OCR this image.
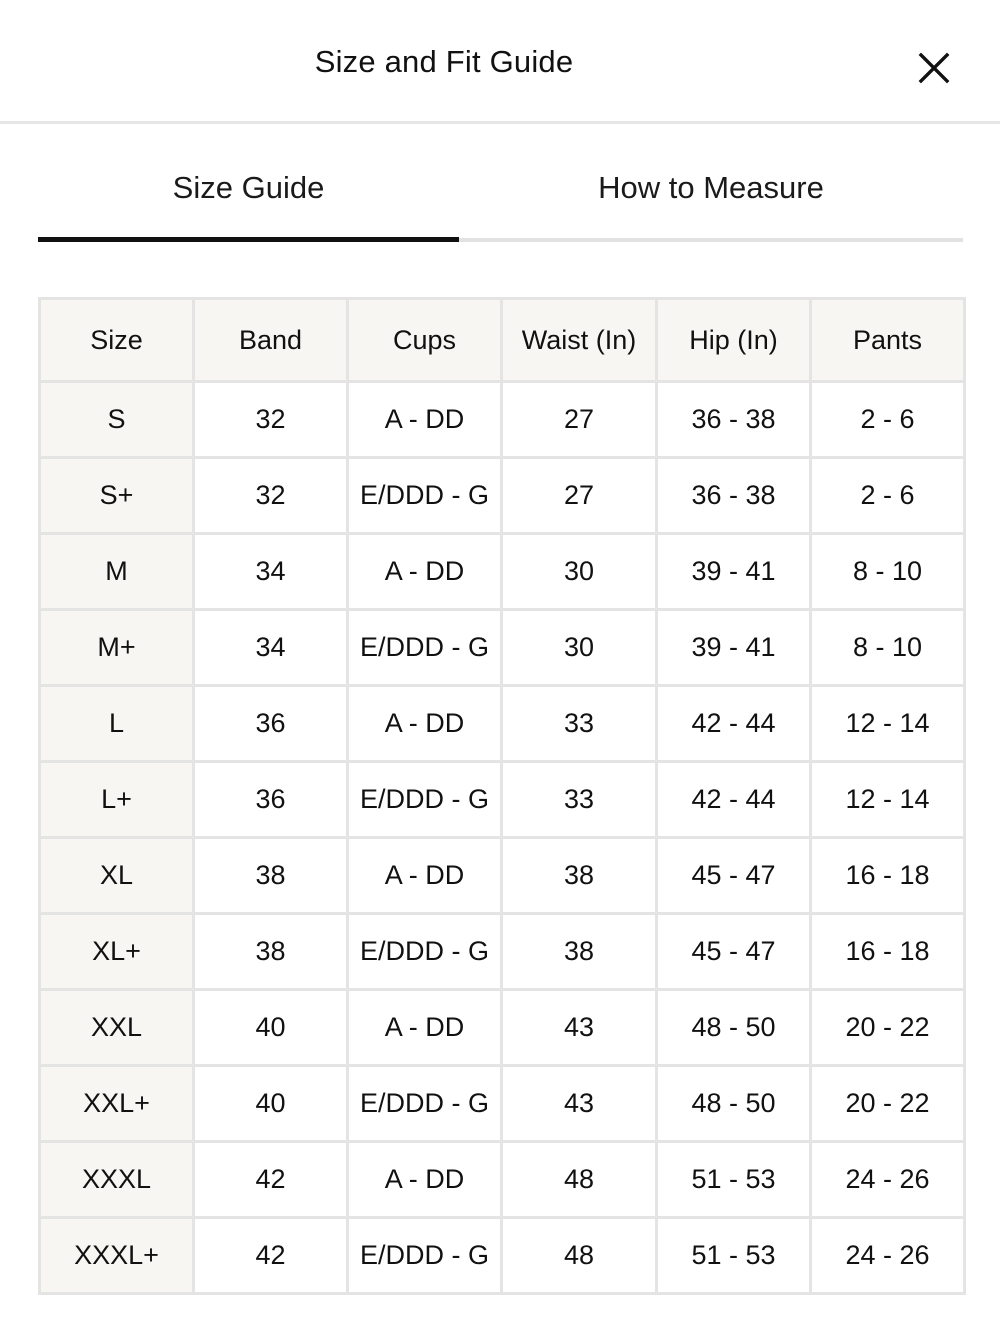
Size and Fit Guide
Size Guide	How to Measure
Size	Band	Cups	Waist (In)	Hip (In)	Pants
S	32	A - DD	27	36 - 38	2 - 6
S+	32	E/DDD - G	27	36 - 38	2 - 6
M	34	A - DD	30	39 - 41	8 - 10
M+	34	E/DDD - G	30	39 - 41	8 - 10
L	36	A - DD	33	42 - 44	12 - 14
L+	36	E/DDD - G	33	42 - 44	12 - 14
XL	38	A - DD	38	45 - 47	16 - 18
XL+	38	E/DDD - G	38	45 - 47	16 - 18
XXL	40	A - DD	43	48 - 50	20 - 22
XXL+	40	E/DDD - G	43	48 - 50	20 - 22
XXXL	42	A - DD	48	51 - 53	24 - 26
XXXL+	42	E/DDD - G	48	51 - 53	24 - 26
